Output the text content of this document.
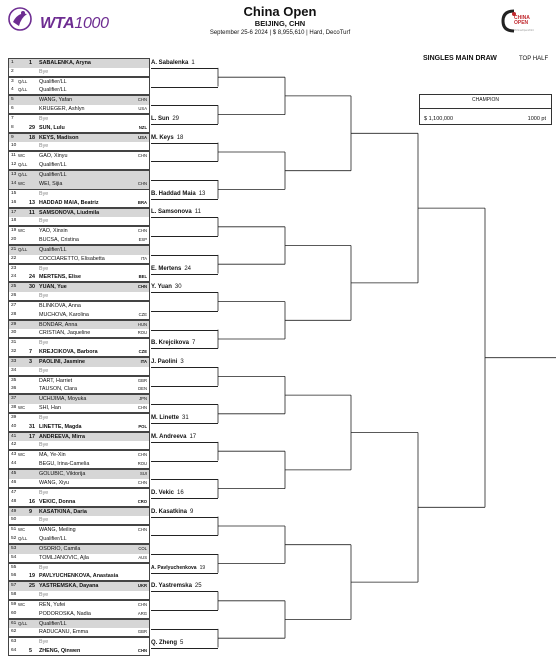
WTA1000
China Open
BEIJING, CHN
September 25-6 2024 | $ 8,955,610 | Hard, DecoTurf
CHINA
OPEN
#ChinaOpen2024
SINGLES MAIN DRAW	TOP HALF
CHAMPION
$ 1,100,000	1000 pt
1	1	SABALENKA, Aryna
2	Bye
3	Q/LL Qualifier/LL
4	Q/LL Qualifier/LL
5	WANG, Yafan	CHN
6	KRUEGER, Ashlyn	USA
7	Bye
8	29 SUN, Lulu	NZL
9	18 KEYS, Madison	USA
10	Bye
11 WC	GAO, Xinyu	CHN
12 Q/LL Qualifier/LL
13 Q/LL Qualifier/LL
14 WC	WEI, Sijia	CHN
15	Bye
16	13 HADDAD MAIA, Beatriz	BRA
17	11 SAMSONOVA, Liudmila
18	Bye
19 WC	YAO, Xinxin	CHN
20	BUCSA, Cristina	ESP
21 Q/LL Qualifier/LL
22	COCCIARETTO, Elisabetta	ITA
23	Bye
24	24 MERTENS, Elise	BEL
25	30 YUAN, Yue	CHN
26	Bye
27	BLINKOVA, Anna
28	MUCHOVA, Karolina	CZE
29	BONDAR, Anna	HUN
30	CRISTIAN, Jaqueline	ROU
31	Bye
32	7	KREJCIKOVA, Barbora	CZE
33	3	PAOLINI, Jasmine	ITA
34	Bye
35	DART, Harriet	GBR
36	TAUSON, Clara	DEN
37	UCHIJIMA, Moyuka	JPN
38 WC	SHI, Han	CHN
39	Bye
40	31 LINETTE, Magda	POL
41	17 ANDREEVA, Mirra
42	Bye
43 WC	MA, Ye-Xin	CHN
44	BEGU, Irina-Camelia	ROU
45	GOLUBIC, Viktorija	SUI
46	WANG, Xiyu	CHN
47	Bye
48	16 VEKIC, Donna	CRO
49	9	KASATKINA, Daria
50	Bye
51 WC	WANG, Meiling	CHN
52 Q/LL Qualifier/LL
53	OSORIO, Camila	COL
54	TOMLJANOVIC, Ajla	AUS
55	Bye
56	19 PAVLYUCHENKOVA, Anastasia
57	25 YASTREMSKA, Dayana	UKR
58	Bye
59 WC	REN, Yufei	CHN
60	PODOROSKA, Nadia	ARG
61 Q/LL Qualifier/LL
62	RADUCANU, Emma	GBR
63	Bye
64	5	ZHENG, Qinwen	CHN
A. Sabalenka 1
L. Sun 29
M. Keys 18
B. Haddad Maia 13
L. Samsonova 11
E. Mertens 24
Y. Yuan 30
B. Krejcikova 7
J. Paolini 3
M. Linette 31
M. Andreeva 17
D. Vekic 16
D. Kasatkina 9
A. Pavlyuchenkova 19
D. Yastremska 25
Q. Zheng 5
